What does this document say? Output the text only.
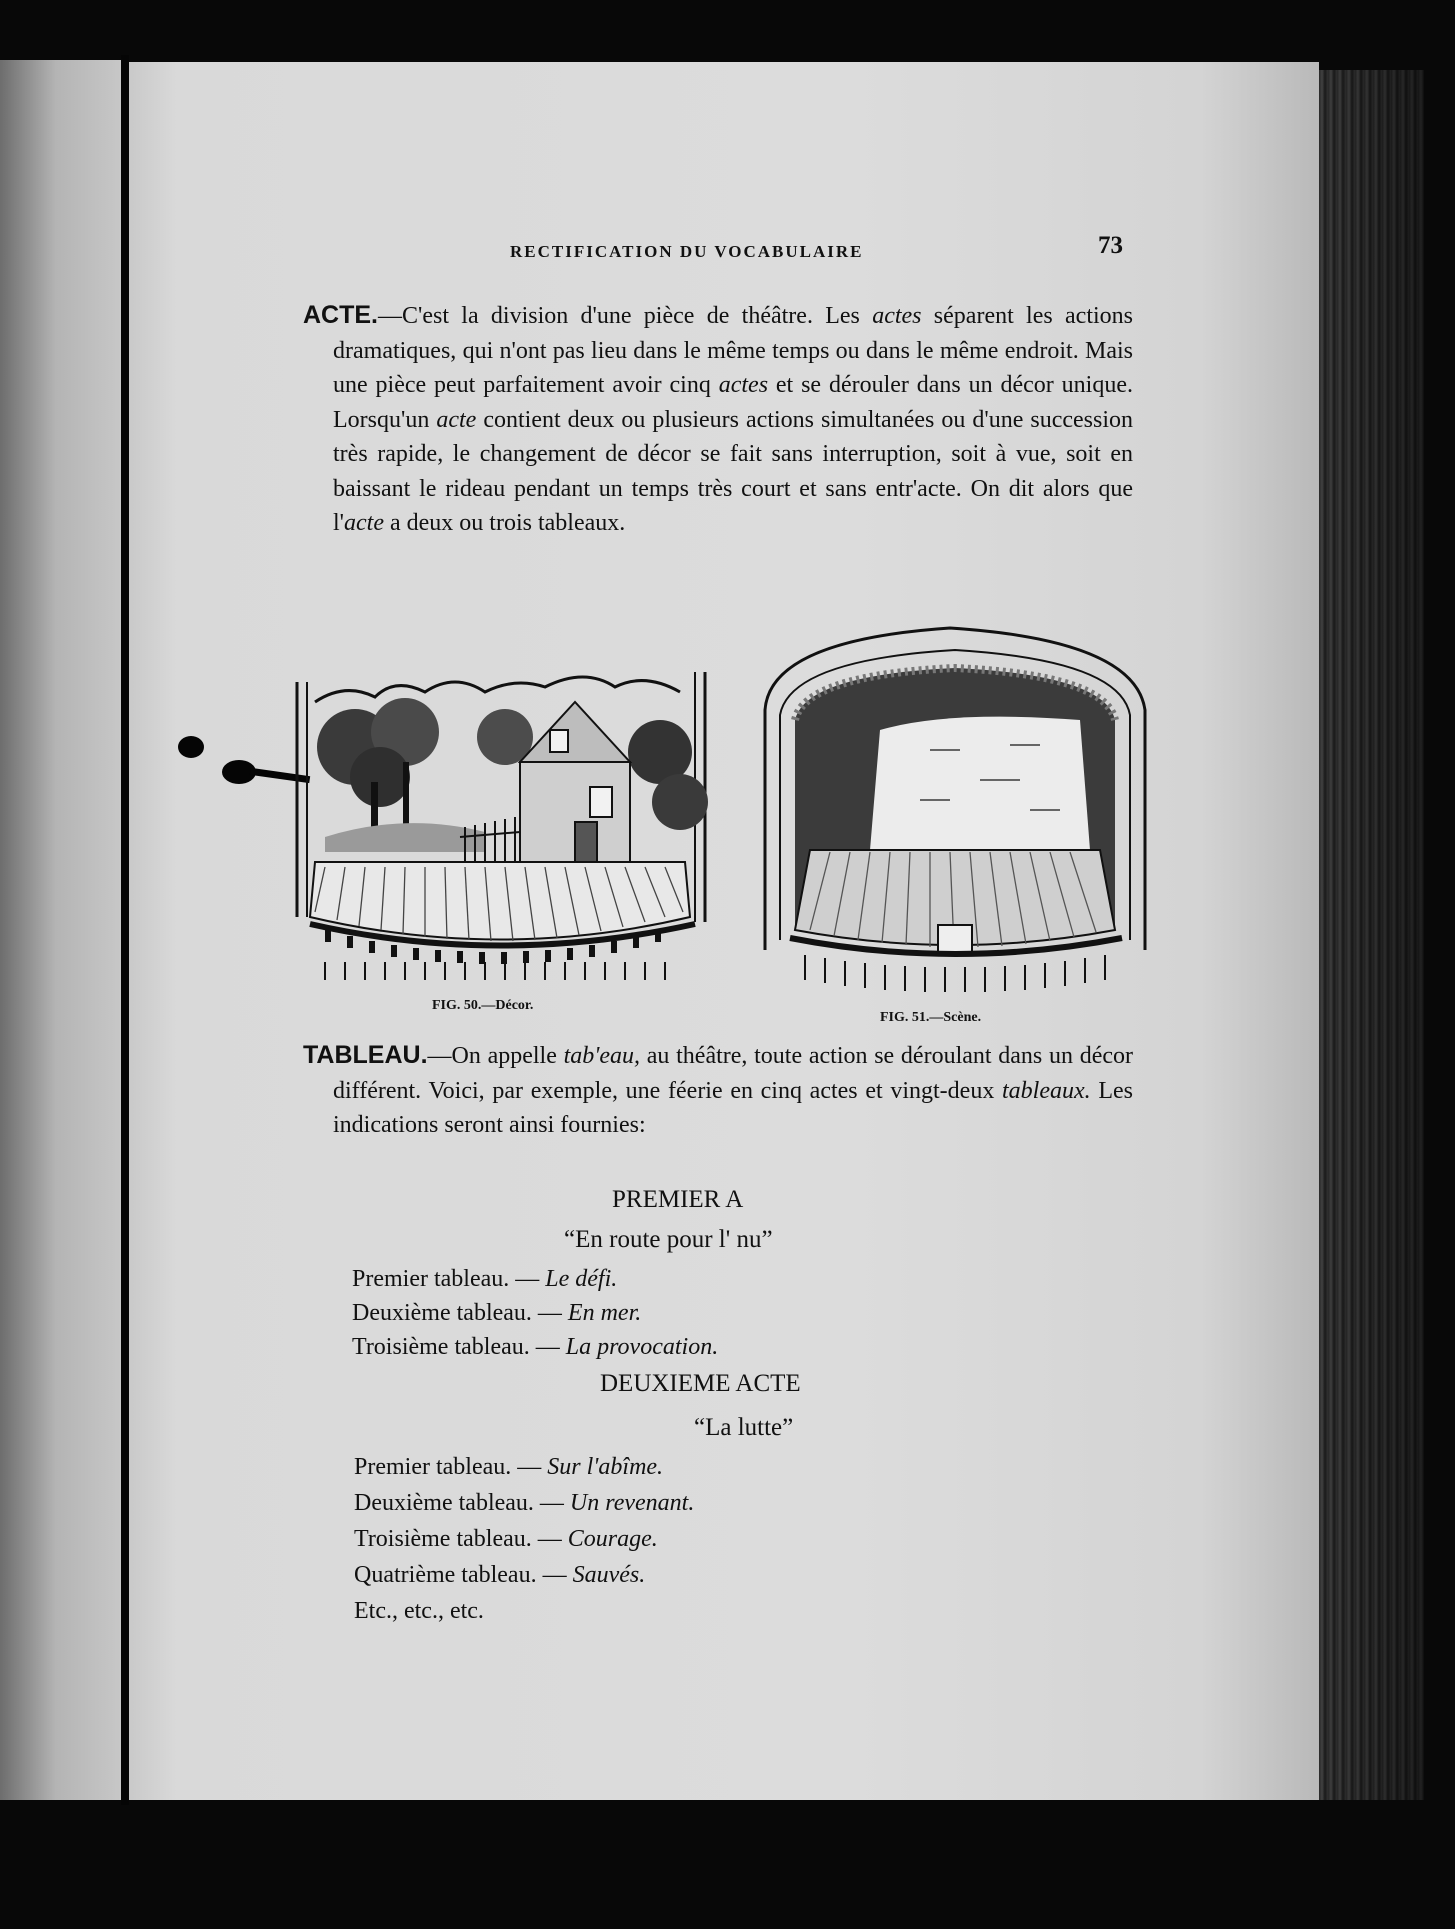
RECTIFICATION DU VOCABULAIRE	73

ACTE.—C'est la division d'une pièce de théâtre. Les actes séparent les actions dramatiques, qui n'ont pas lieu dans le même temps ou dans le même endroit. Mais une pièce peut parfaitement avoir cinq actes et se dérouler dans un décor unique. Lorsqu'un acte contient deux ou plusieurs actions simultanées ou d'une succession très rapide, le changement de décor se fait sans interruption, soit à vue, soit en baissant le rideau pendant un temps très court et sans entr'acte. On dit alors que l'acte a deux ou trois tableaux.

FIG. 50.—Décor.
FIG. 51.—Scène.

TABLEAU.—On appelle tab'eau, au théâtre, toute action se déroulant dans un décor différent. Voici, par exemple, une féerie en cinq actes et vingt-deux tableaux. Les indications seront ainsi fournies:

PREMIER A
“En route pour l' nu”
Premier tableau. — Le défi.
Deuxième tableau. — En mer.
Troisième tableau. — La provocation.
DEUXIEME ACTE
“La lutte”
Premier tableau. — Sur l'abîme.
Deuxième tableau. — Un revenant.
Troisième tableau. — Courage.
Quatrième tableau. — Sauvés.
Etc., etc., etc.
